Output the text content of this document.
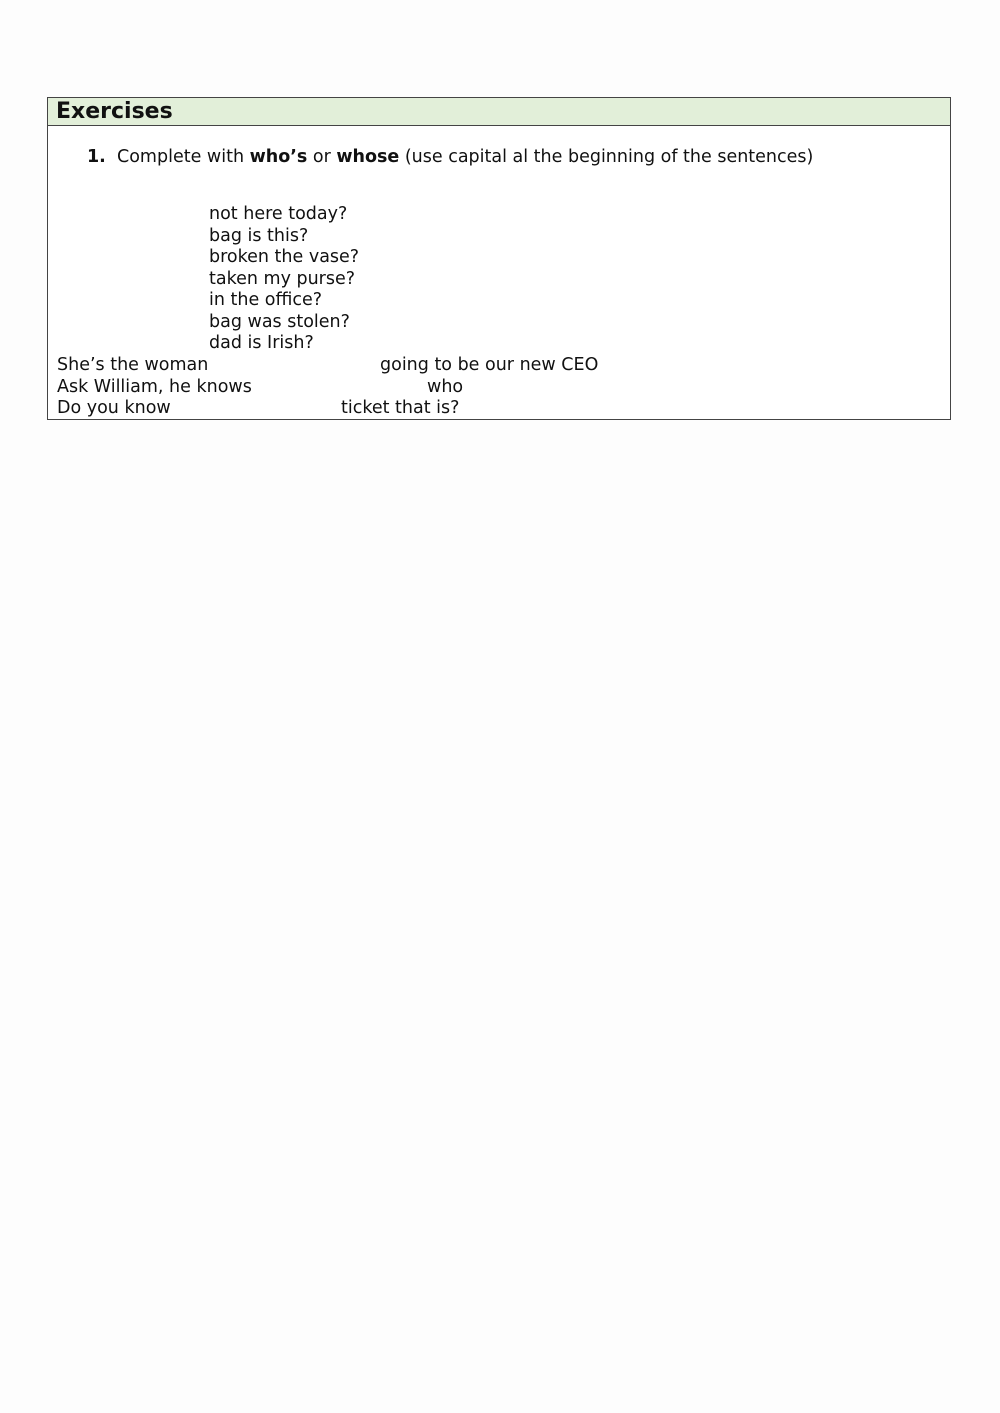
Exercises
1. Complete with who’s or whose (use capital al the beginning of the sentences)
not here today?
bag is this?
broken the vase?
taken my purse?
in the office?
bag was stolen?
dad is Irish?
She’s the woman	going to be our new CEO
Ask William, he knows	who
Do you know	ticket that is?
